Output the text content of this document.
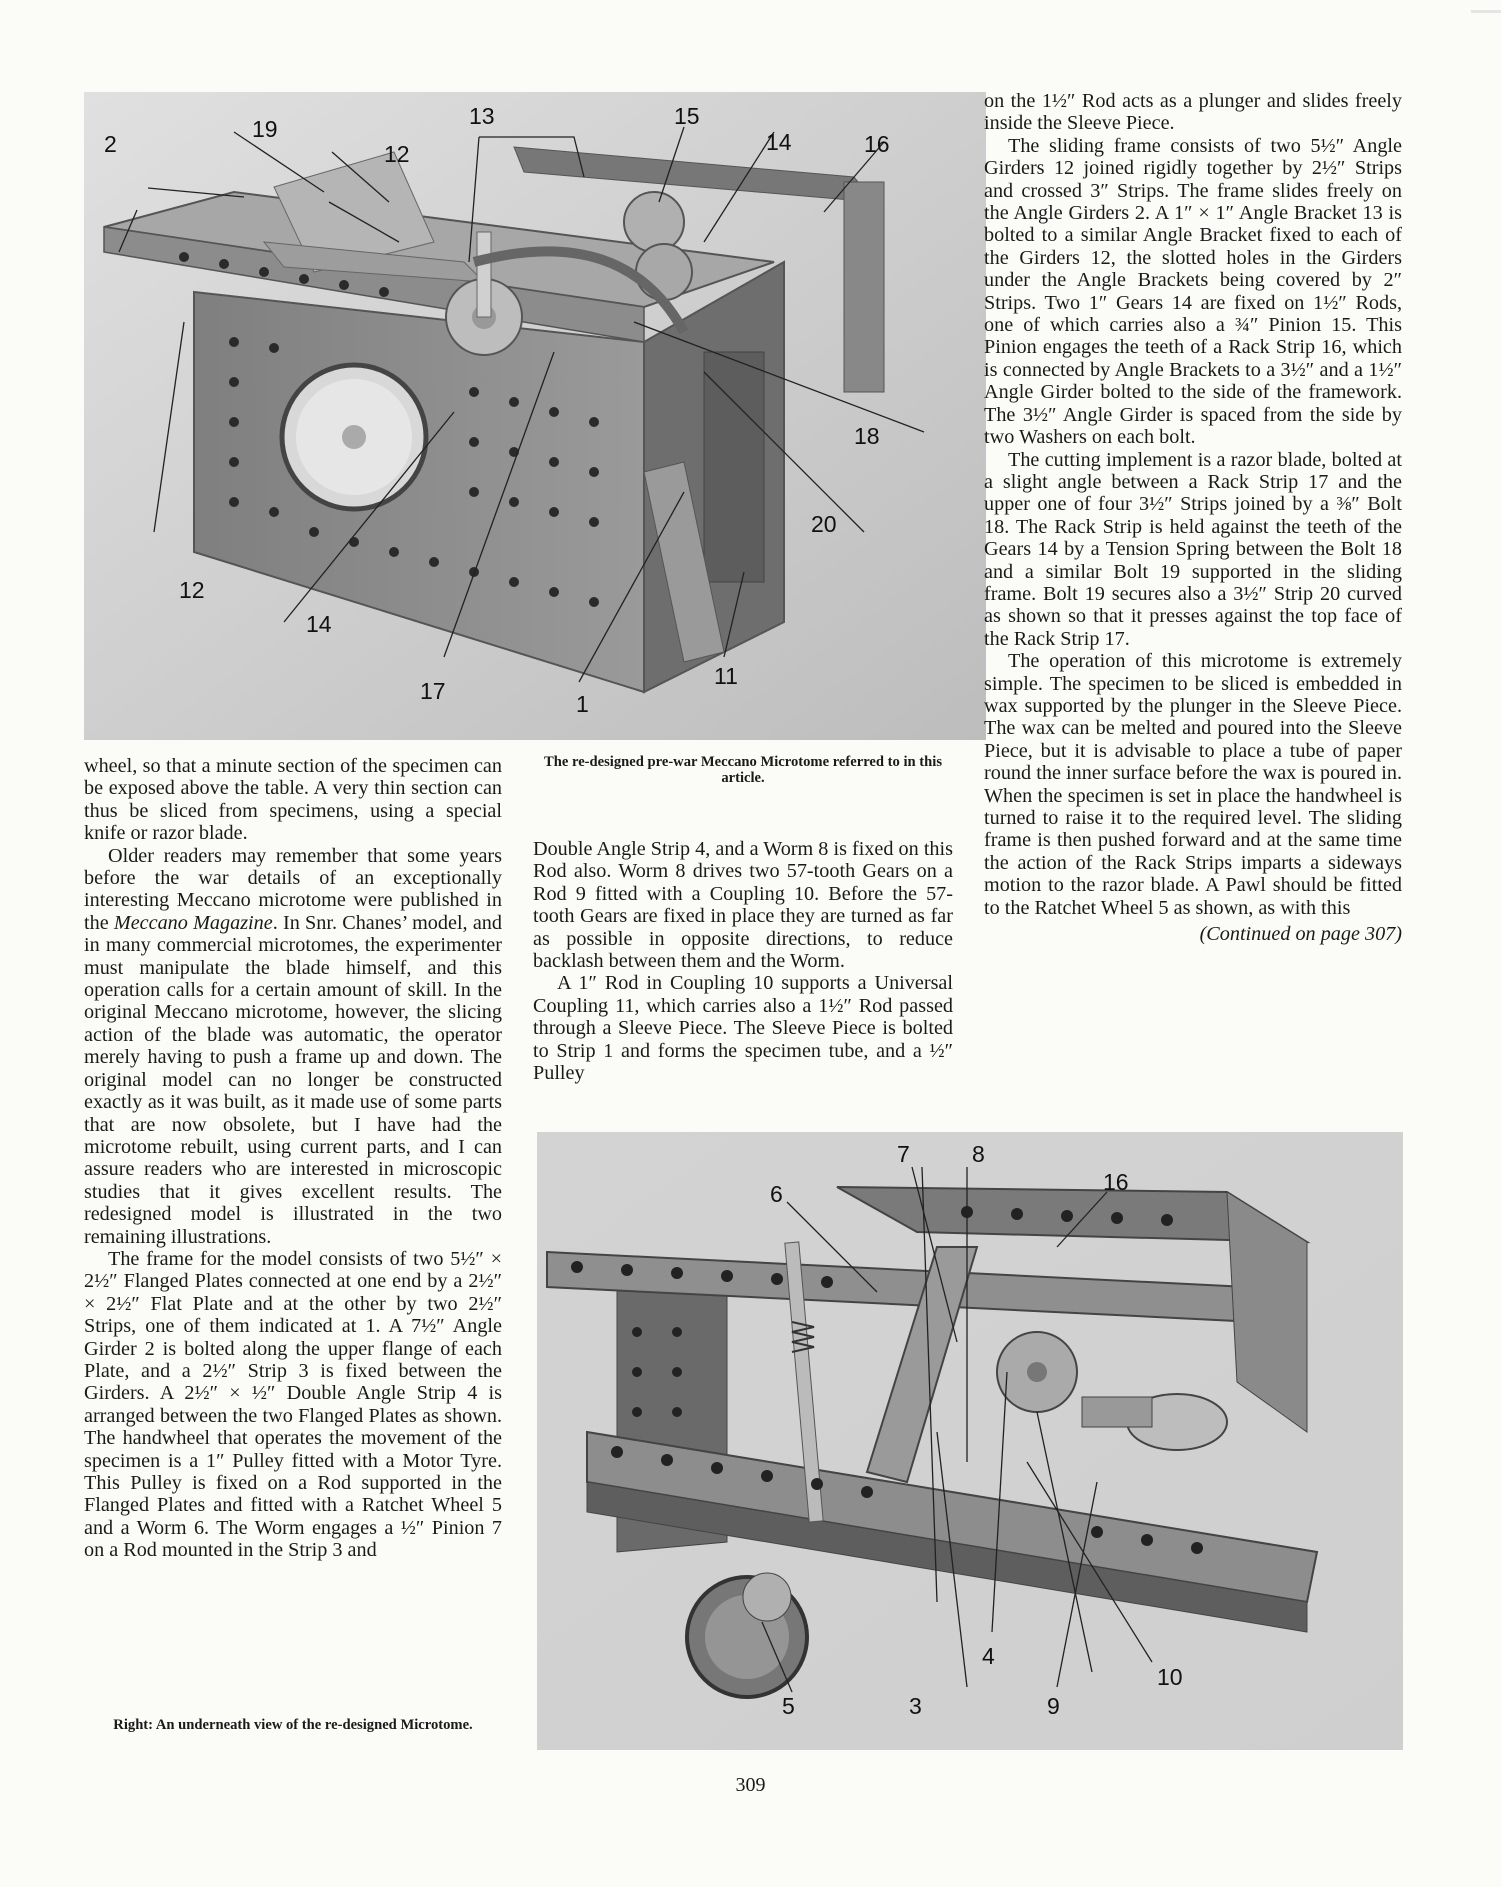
2
19
12
13	15
14	16
18
20
12
14
17	1
11
The re-designed pre-war Meccano Microtome referred to in this article.

wheel, so that a minute section of the specimen can be exposed above the table. A very thin section can thus be sliced from specimens, using a special knife or razor blade.

Older readers may remember that some years before the war details of an exceptionally interesting Meccano microtome were published in the Meccano Magazine. In Snr. Chanes’ model, and in many commercial microtomes, the experimenter must manipulate the blade himself, and this operation calls for a certain amount of skill. In the original Meccano microtome, however, the slicing action of the blade was automatic, the operator merely having to push a frame up and down. The original model can no longer be constructed exactly as it was built, as it made use of some parts that are now obsolete, but I have had the microtome rebuilt, using current parts, and I can assure readers who are interested in microscopic studies that it gives excellent results. The redesigned model is illustrated in the two remaining illustrations.

The frame for the model consists of two 5½″ × 2½″ Flanged Plates connected at one end by a 2½″ × 2½″ Flat Plate and at the other by two 2½″ Strips, one of them indicated at 1. A 7½″ Angle Girder 2 is bolted along the upper flange of each Plate, and a 2½″ Strip 3 is fixed between the Girders. A 2½″ × ½″ Double Angle Strip 4 is arranged between the two Flanged Plates as shown. The handwheel that operates the movement of the specimen is a 1″ Pulley fitted with a Motor Tyre. This Pulley is fixed on a Rod supported in the Flanged Plates and fitted with a Ratchet Wheel 5 and a Worm 6. The Worm engages a ½″ Pinion 7 on a Rod mounted in the Strip 3 and

Double Angle Strip 4, and a Worm 8 is fixed on this Rod also. Worm 8 drives two 57-tooth Gears on a Rod 9 fitted with a Coupling 10. Before the 57-tooth Gears are fixed in place they are turned as far as possible in opposite directions, to reduce backlash between them and the Worm.

A 1″ Rod in Coupling 10 supports a Universal Coupling 11, which carries also a 1½″ Rod passed through a Sleeve Piece. The Sleeve Piece is bolted to Strip 1 and forms the specimen tube, and a ½″ Pulley

on the 1½″ Rod acts as a plunger and slides freely inside the Sleeve Piece.

The sliding frame consists of two 5½″ Angle Girders 12 joined rigidly together by 2½″ Strips and crossed 3″ Strips. The frame slides freely on the Angle Girders 2. A 1″ × 1″ Angle Bracket 13 is bolted to a similar Angle Bracket fixed to each of the Girders 12, the slotted holes in the Girders under the Angle Brackets being covered by 2″ Strips. Two 1″ Gears 14 are fixed on 1½″ Rods, one of which carries also a ¾″ Pinion 15. This Pinion engages the teeth of a Rack Strip 16, which is connected by Angle Brackets to a 3½″ and a 1½″ Angle Girder bolted to the side of the framework. The 3½″ Angle Girder is spaced from the side by two Washers on each bolt.

The cutting implement is a razor blade, bolted at a slight angle between a Rack Strip 17 and the upper one of four 3½″ Strips joined by a ⅜″ Bolt 18. The Rack Strip is held against the teeth of the Gears 14 by a Tension Spring between the Bolt 18 and a similar Bolt 19 supported in the sliding frame. Bolt 19 secures also a 3½″ Strip 20 curved as shown so that it presses against the top face of the Rack Strip 17.

The operation of this microtome is extremely simple. The specimen to be sliced is embedded in wax supported by the plunger in the Sleeve Piece. The wax can be melted and poured into the Sleeve Piece, but it is advisable to place a tube of paper round the inner surface before the wax is poured in. When the specimen is set in place the handwheel is turned to raise it to the required level. The sliding frame is then pushed forward and at the same time the action of the Rack Strips imparts a sideways motion to the razor blade. A Pawl should be fitted to the Ratchet Wheel 5 as shown, as with this

(Continued on page 307)

7	8
6	16
4
10
5	3	9
Right: An underneath view of the re-designed Microtome.
309
